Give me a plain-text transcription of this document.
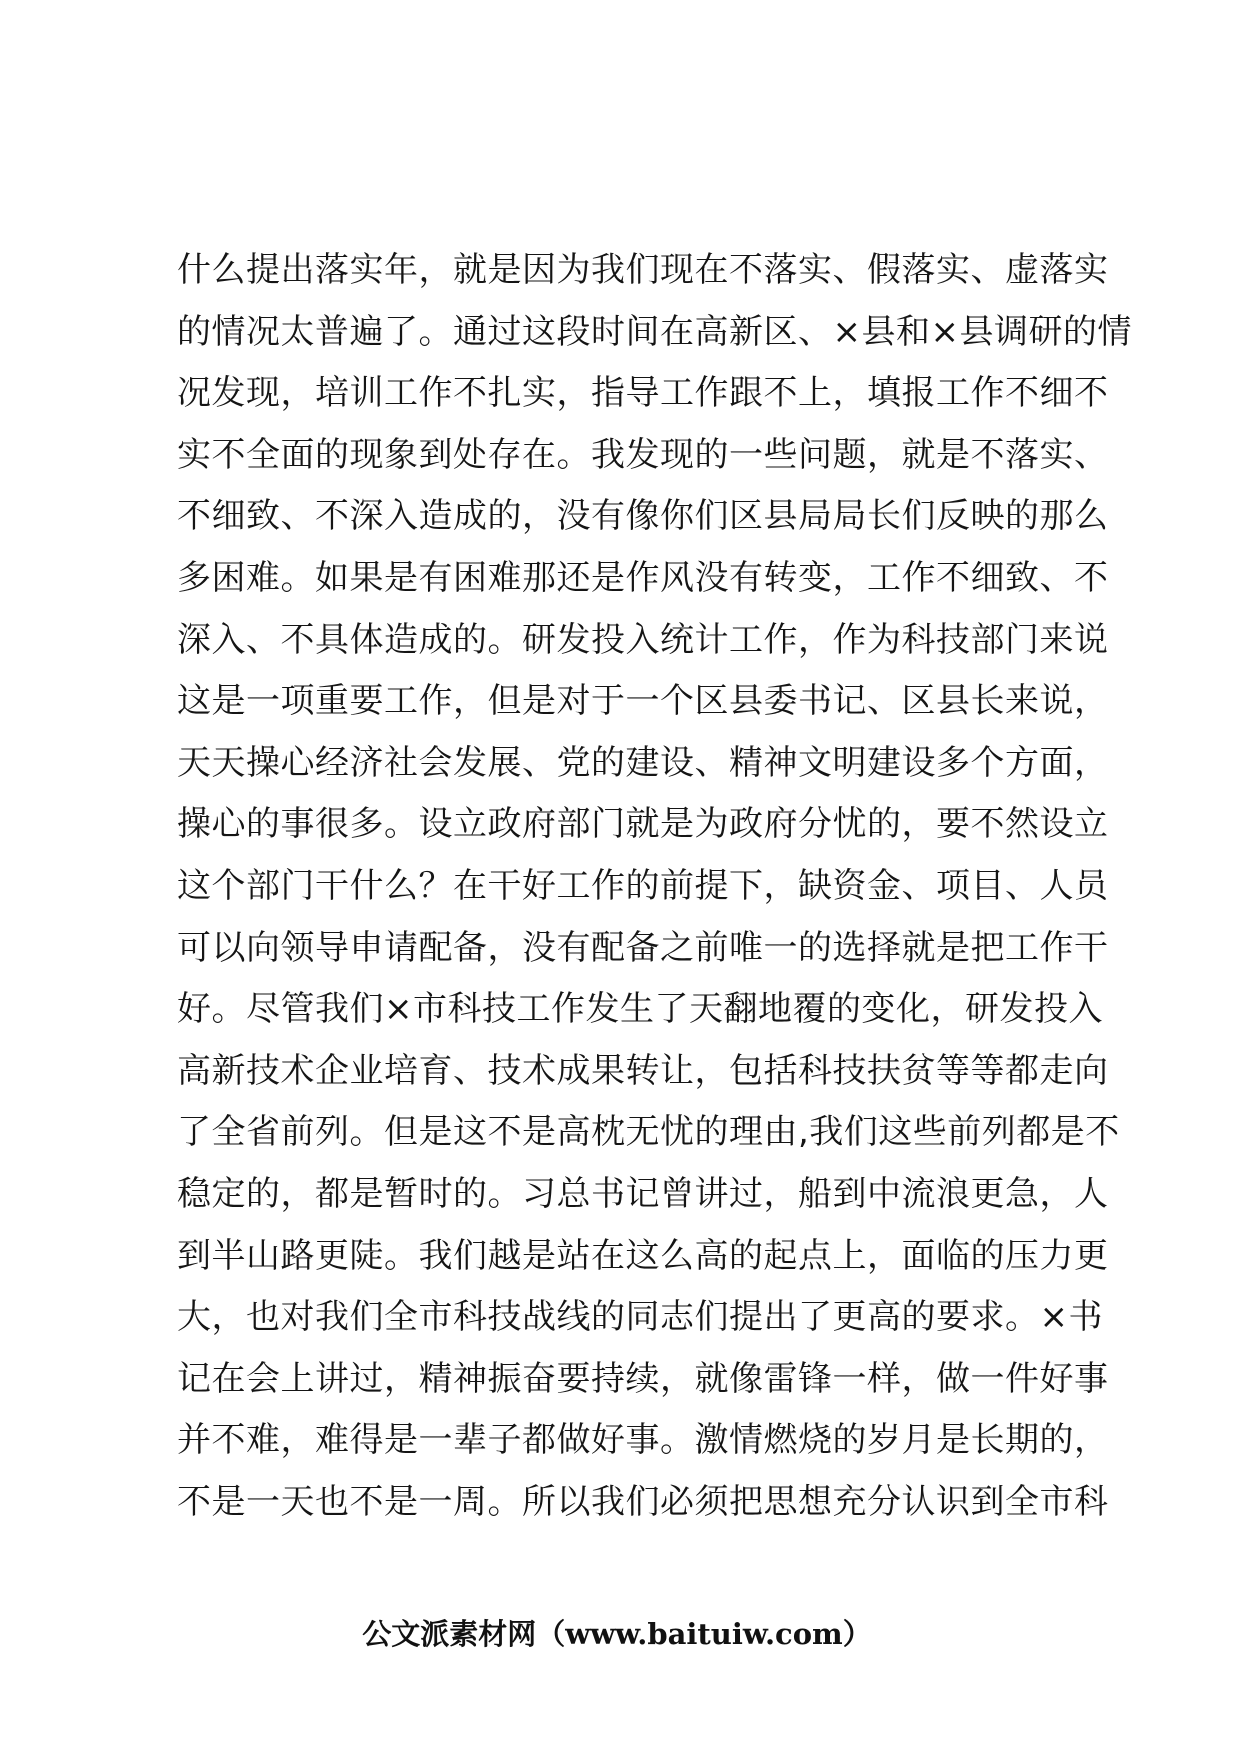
什么提出落实年，就是因为我们现在不落实、假落实、虚落实
的情况太普遍了。通过这段时间在高新区、×县和×县调研的情
况发现，培训工作不扎实，指导工作跟不上，填报工作不细不
实不全面的现象到处存在。我发现的一些问题，就是不落实、
不细致、不深入造成的，没有像你们区县局局长们反映的那么
多困难。如果是有困难那还是作风没有转变，工作不细致、不
深入、不具体造成的。研发投入统计工作，作为科技部门来说
这是一项重要工作，但是对于一个区县委书记、区县长来说，
天天操心经济社会发展、党的建设、精神文明建设多个方面，
操心的事很多。设立政府部门就是为政府分忧的，要不然设立
这个部门干什么？在干好工作的前提下，缺资金、项目、人员
可以向领导申请配备，没有配备之前唯一的选择就是把工作干
好。尽管我们×市科技工作发生了天翻地覆的变化，研发投入
高新技术企业培育、技术成果转让，包括科技扶贫等等都走向
了全省前列。但是这不是高枕无忧的理由,我们这些前列都是不
稳定的，都是暂时的。习总书记曾讲过，船到中流浪更急，人
到半山路更陡。我们越是站在这么高的起点上，面临的压力更
大，也对我们全市科技战线的同志们提出了更高的要求。×书
记在会上讲过，精神振奋要持续，就像雷锋一样，做一件好事
并不难，难得是一辈子都做好事。激情燃烧的岁月是长期的，
不是一天也不是一周。所以我们必须把思想充分认识到全市科
公文派素材网（www.baituiw.com）
